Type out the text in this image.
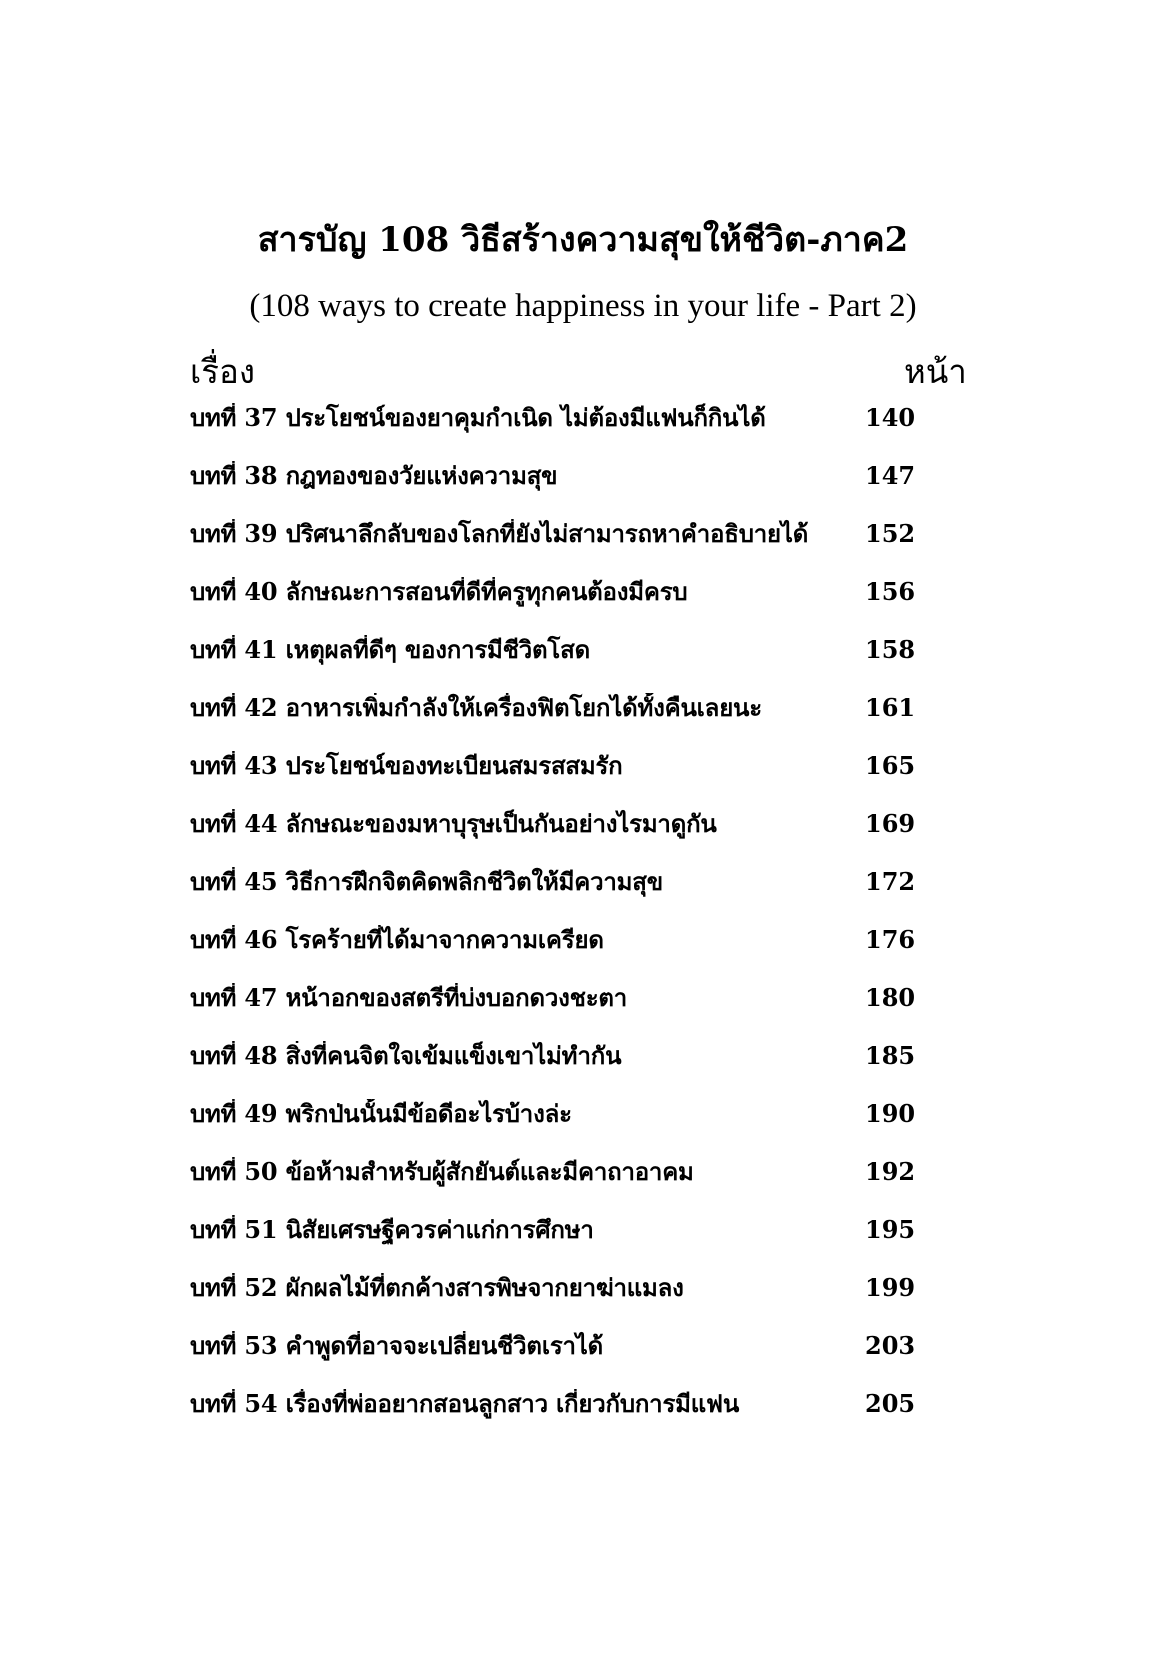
สารบัญ 108 วิธีสร้างความสุขให้ชีวิต-ภาค2
(108 ways to create happiness in your life - Part 2)
เรื่อง	หน้า
บทที่ 37 ประโยชน์ของยาคุมกำเนิด ไม่ต้องมีแฟนก็กินได้	140
บทที่ 38 กฎทองของวัยแห่งความสุข	147
บทที่ 39 ปริศนาลึกลับของโลกที่ยังไม่สามารถหาคำอธิบายได้	152
บทที่ 40 ลักษณะการสอนที่ดีที่ครูทุกคนต้องมีครบ	156
บทที่ 41 เหตุผลที่ดีๆ ของการมีชีวิตโสด	158
บทที่ 42 อาหารเพิ่มกำลังให้เครื่องฟิตโยกได้ทั้งคืนเลยนะ	161
บทที่ 43 ประโยชน์ของทะเบียนสมรสสมรัก	165
บทที่ 44 ลักษณะของมหาบุรุษเป็นกันอย่างไรมาดูกัน	169
บทที่ 45 วิธีการฝึกจิตคิดพลิกชีวิตให้มีความสุข	172
บทที่ 46 โรคร้ายที่ได้มาจากความเครียด	176
บทที่ 47 หน้าอกของสตรีที่บ่งบอกดวงชะตา	180
บทที่ 48 สิ่งที่คนจิตใจเข้มแข็งเขาไม่ทำกัน	185
บทที่ 49 พริกป่นนั้นมีข้อดีอะไรบ้างล่ะ	190
บทที่ 50 ข้อห้ามสำหรับผู้สักยันต์และมีคาถาอาคม	192
บทที่ 51 นิสัยเศรษฐีควรค่าแก่การศึกษา	195
บทที่ 52 ผักผลไม้ที่ตกค้างสารพิษจากยาฆ่าแมลง	199
บทที่ 53 คำพูดที่อาจจะเปลี่ยนชีวิตเราได้	203
บทที่ 54 เรื่องที่พ่ออยากสอนลูกสาว เกี่ยวกับการมีแฟน	205
